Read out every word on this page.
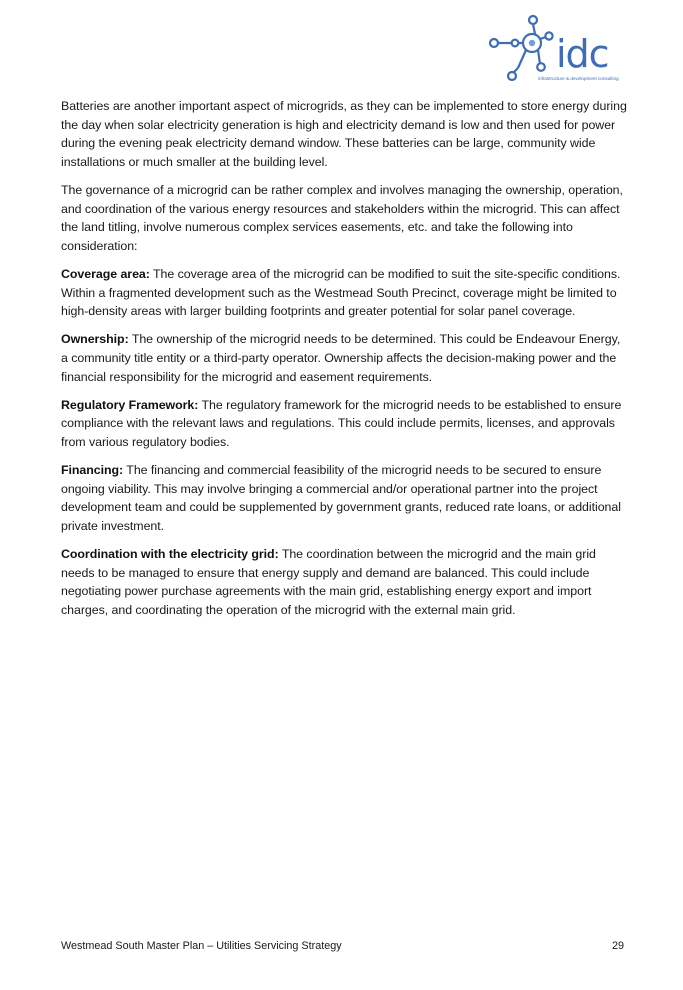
idc
infrastructure & development consulting

Batteries are another important aspect of microgrids, as they can be implemented to store energy during the day when solar electricity generation is high and electricity demand is low and then used for power during the evening peak electricity demand window. These batteries can be large, community wide installations or much smaller at the building level.

The governance of a microgrid can be rather complex and involves managing the ownership, operation, and coordination of the various energy resources and stakeholders within the microgrid. This can affect the land titling, involve numerous complex services easements, etc. and take the following into consideration:

Coverage area: The coverage area of the microgrid can be modified to suit the site-specific conditions. Within a fragmented development such as the Westmead South Precinct, coverage might be limited to high-density areas with larger building footprints and greater potential for solar panel coverage.

Ownership: The ownership of the microgrid needs to be determined. This could be Endeavour Energy, a community title entity or a third-party operator. Ownership affects the decision-making power and the financial responsibility for the microgrid and easement requirements.

Regulatory Framework: The regulatory framework for the microgrid needs to be established to ensure compliance with the relevant laws and regulations. This could include permits, licenses, and approvals from various regulatory bodies.

Financing: The financing and commercial feasibility of the microgrid needs to be secured to ensure ongoing viability. This may involve bringing a commercial and/or operational partner into the project development team and could be supplemented by government grants, reduced rate loans, or additional private investment.

Coordination with the electricity grid: The coordination between the microgrid and the main grid needs to be managed to ensure that energy supply and demand are balanced. This could include negotiating power purchase agreements with the main grid, establishing energy export and import charges, and coordinating the operation of the microgrid with the external main grid.

Westmead South Master Plan – Utilities Servicing Strategy	29
